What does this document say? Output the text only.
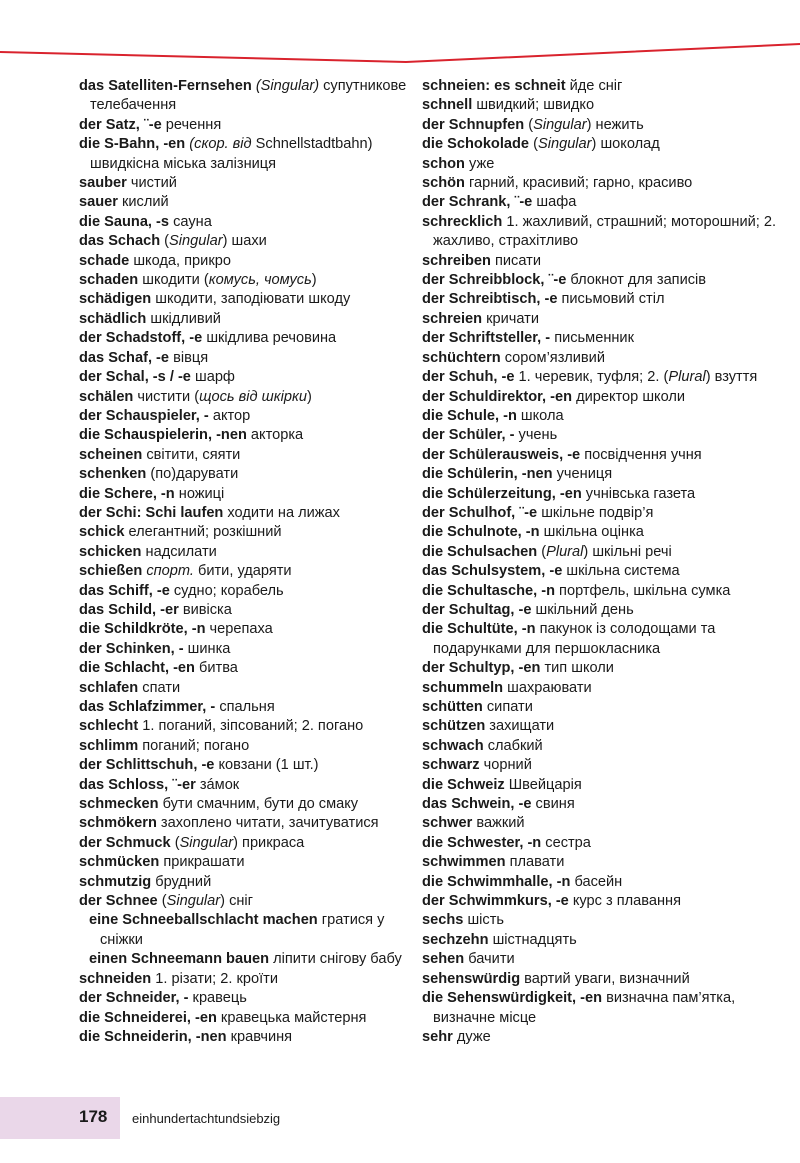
das Satelliten-Fernsehen (Singular) супутникове телебачення
der Satz, ¨-e речення
die S-Bahn, -en (скор. від Schnellstadtbahn) швидкісна міська залізниця
sauber чистий
sauer кислий
die Sauna, -s сауна
das Schach (Singular) шахи
schade шкода, прикро
schaden шкодити (комусь, чомусь)
schädigen шкодити, заподіювати шкоду
schädlich шкідливий
der Schadstoff, -e шкідлива речовина
das Schaf, -e вівця
der Schal, -s / -e шарф
schälen чистити (щось від шкірки)
der Schauspieler, - актор
die Schauspielerin, -nen акторка
scheinen світити, сяяти
schenken (по)дарувати
die Schere, -n ножиці
der Schi: Schi laufen ходити на лижах
schick елегантний; розкішний
schicken надсилати
schießen спорт. бити, ударяти
das Schiff, -e судно; корабель
das Schild, -er вивіска
die Schildkröte, -n черепаха
der Schinken, - шинка
die Schlacht, -en битва
schlafen спати
das Schlafzimmer, - спальня
schlecht 1. поганий, зіпсований; 2. погано
schlimm поганий; погано
der Schlittschuh, -e ковзани (1 шт.)
das Schloss, ¨-er зáмок
schmecken бути смачним, бути до смаку
schmökern захоплено читати, зачитуватися
der Schmuck (Singular) прикраса
schmücken прикрашати
schmutzig брудний
der Schnee (Singular) сніг
eine Schneeballschlacht machen гратися у сніжки
einen Schneemann bauen ліпити снігову бабу
schneiden 1. різати; 2. кроїти
der Schneider, - кравець
die Schneiderei, -en кравецька майстерня
die Schneiderin, -nen кравчиня
schneien: es schneit йде сніг
schnell швидкий; швидко
der Schnupfen (Singular) нежить
die Schokolade (Singular) шоколад
schon уже
schön гарний, красивий; гарно, красиво
der Schrank, ¨-e шафа
schrecklich 1. жахливий, страшний; моторошний; 2. жахливо, страхітливо
schreiben писати
der Schreibblock, ¨-e блокнот для записів
der Schreibtisch, -e письмовий стіл
schreien кричати
der Schriftsteller, - письменник
schüchtern сором’язливий
der Schuh, -e 1. черевик, туфля; 2. (Plural) взуття
der Schuldirektor, -en директор школи
die Schule, -n школа
der Schüler, - учень
der Schülerausweis, -e посвідчення учня
die Schülerin, -nen учениця
die Schülerzeitung, -en учнівська газета
der Schulhof, ¨-e шкільне подвір’я
die Schulnote, -n шкільна оцінка
die Schulsachen (Plural) шкільні речі
das Schulsystem, -e шкільна система
die Schultasche, -n портфель, шкільна сумка
der Schultag, -e шкільний день
die Schultüte, -n пакунок із солодощами та подарунками для першокласника
der Schultyp, -en тип школи
schummeln шахраювати
schütten сипати
schützen захищати
schwach слабкий
schwarz чорний
die Schweiz Швейцарія
das Schwein, -e свиня
schwer важкий
die Schwester, -n сестра
schwimmen плавати
die Schwimmhalle, -n басейн
der Schwimmkurs, -e курс з плавання
sechs шість
sechzehn шістнадцять
sehen бачити
sehenswürdig вартий уваги, визначний
die Sehenswürdigkeit, -en визначна пам’ятка, визначне місце
sehr дуже
178 einhundertachtundsiebzig
